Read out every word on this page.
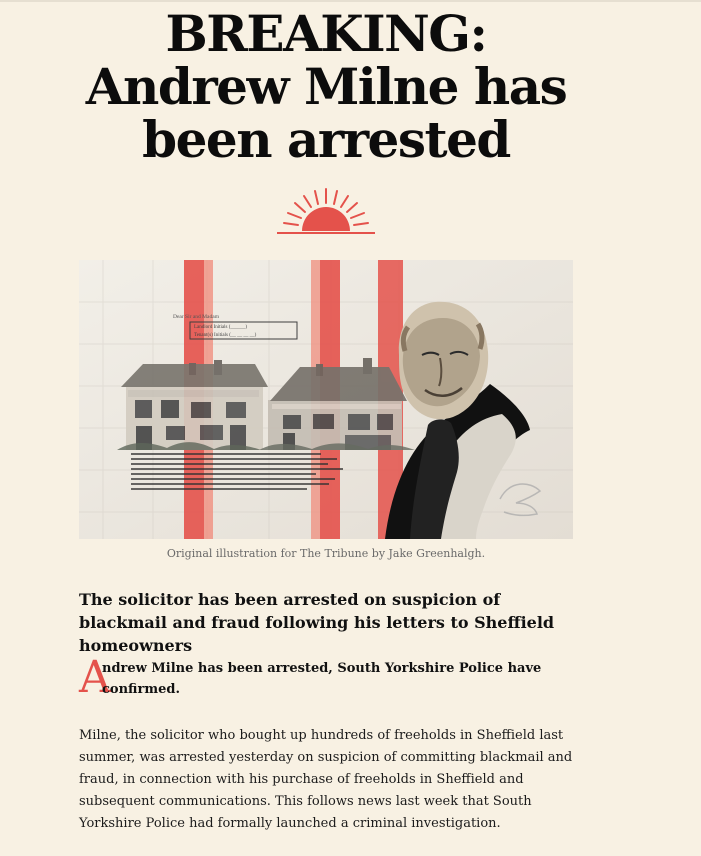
BREAKING: Andrew Milne has been arrested
Dear Sir and Madam
Landlord Initials (______)
Tenant(s) Initials (__ __ __ __)
Original illustration for The Tribune by Jake Greenhalgh.
The solicitor has been arrested on suspicion of blackmail and fraud following his letters to Sheffield homeowners
A
ndrew Milne has been arrested, South Yorkshire Police have confirmed.

Milne, the solicitor who bought up hundreds of freeholds in Sheffield last summer, was arrested yesterday on suspicion of committing blackmail and fraud, in connection with his purchase of freeholds in Sheffield and subsequent communications. This follows news last week that South Yorkshire Police had formally launched a criminal investigation.
